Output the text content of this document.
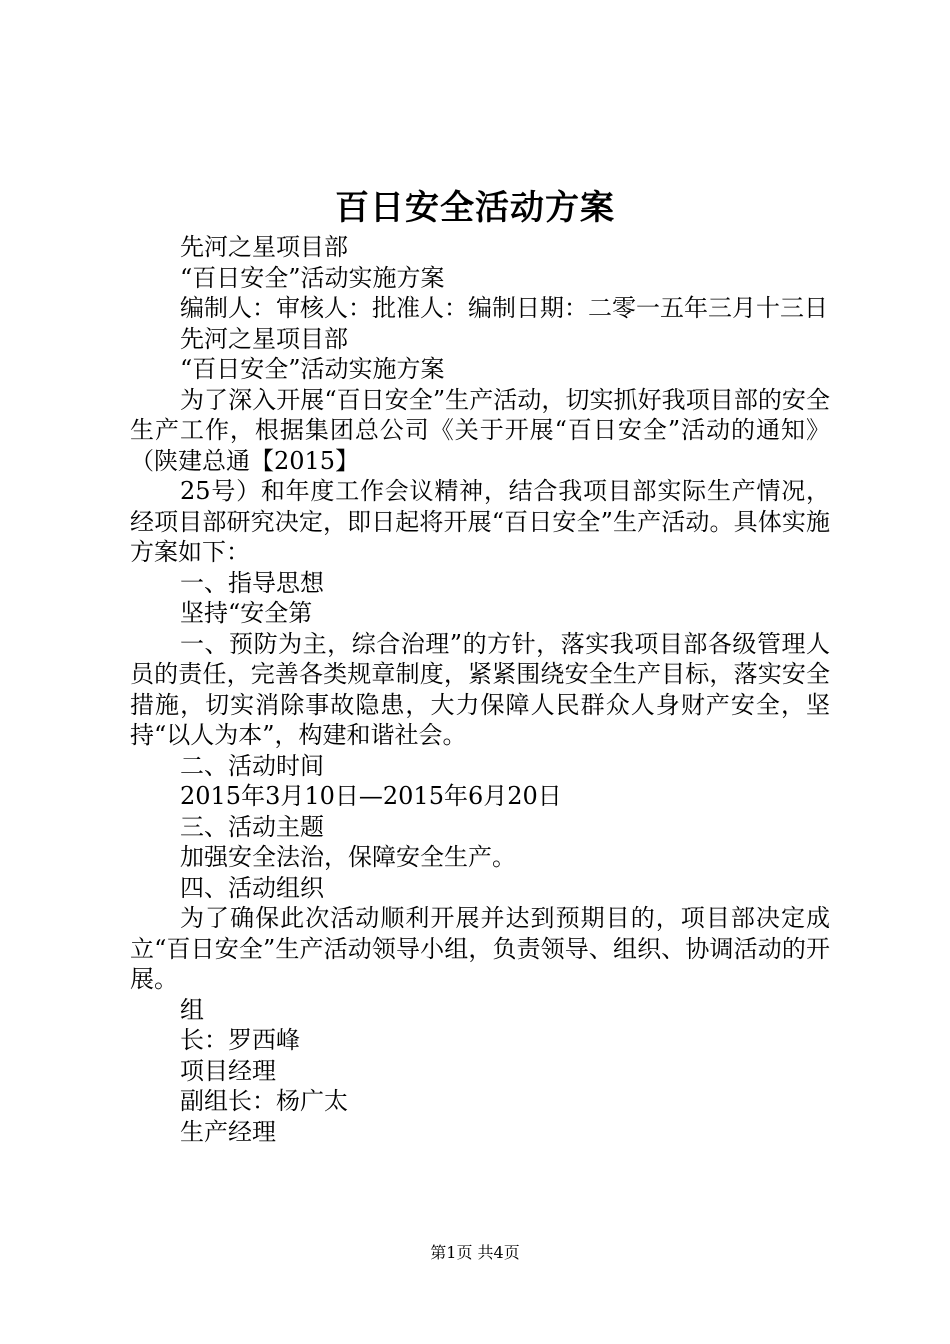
百日安全活动方案

先河之星项目部

“百日安全”活动实施方案

编制人：审核人：批准人：编制日期：二零一五年三月十三日

先河之星项目部

“百日安全”活动实施方案

为了深入开展“百日安全”生产活动，切实抓好我项目部的安全生产工作，根据集团总公司《关于开展“百日安全”活动的通知》（陕建总通【2015】

25号）和年度工作会议精神，结合我项目部实际生产情况，经项目部研究决定，即日起将开展“百日安全”生产活动。具体实施方案如下：

一、指导思想

坚持“安全第

一、预防为主，综合治理”的方针，落实我项目部各级管理人员的责任，完善各类规章制度，紧紧围绕安全生产目标，落实安全措施，切实消除事故隐患，大力保障人民群众人身财产安全，坚持“以人为本”，构建和谐社会。

二、活动时间

2015年3月10日—2015年6月20日

三、活动主题

加强安全法治，保障安全生产。

四、活动组织

为了确保此次活动顺利开展并达到预期目的，项目部决定成立“百日安全”生产活动领导小组，负责领导、组织、协调活动的开展。

组

长：罗西峰

项目经理

副组长：杨广太

生产经理

第1页 共4页
